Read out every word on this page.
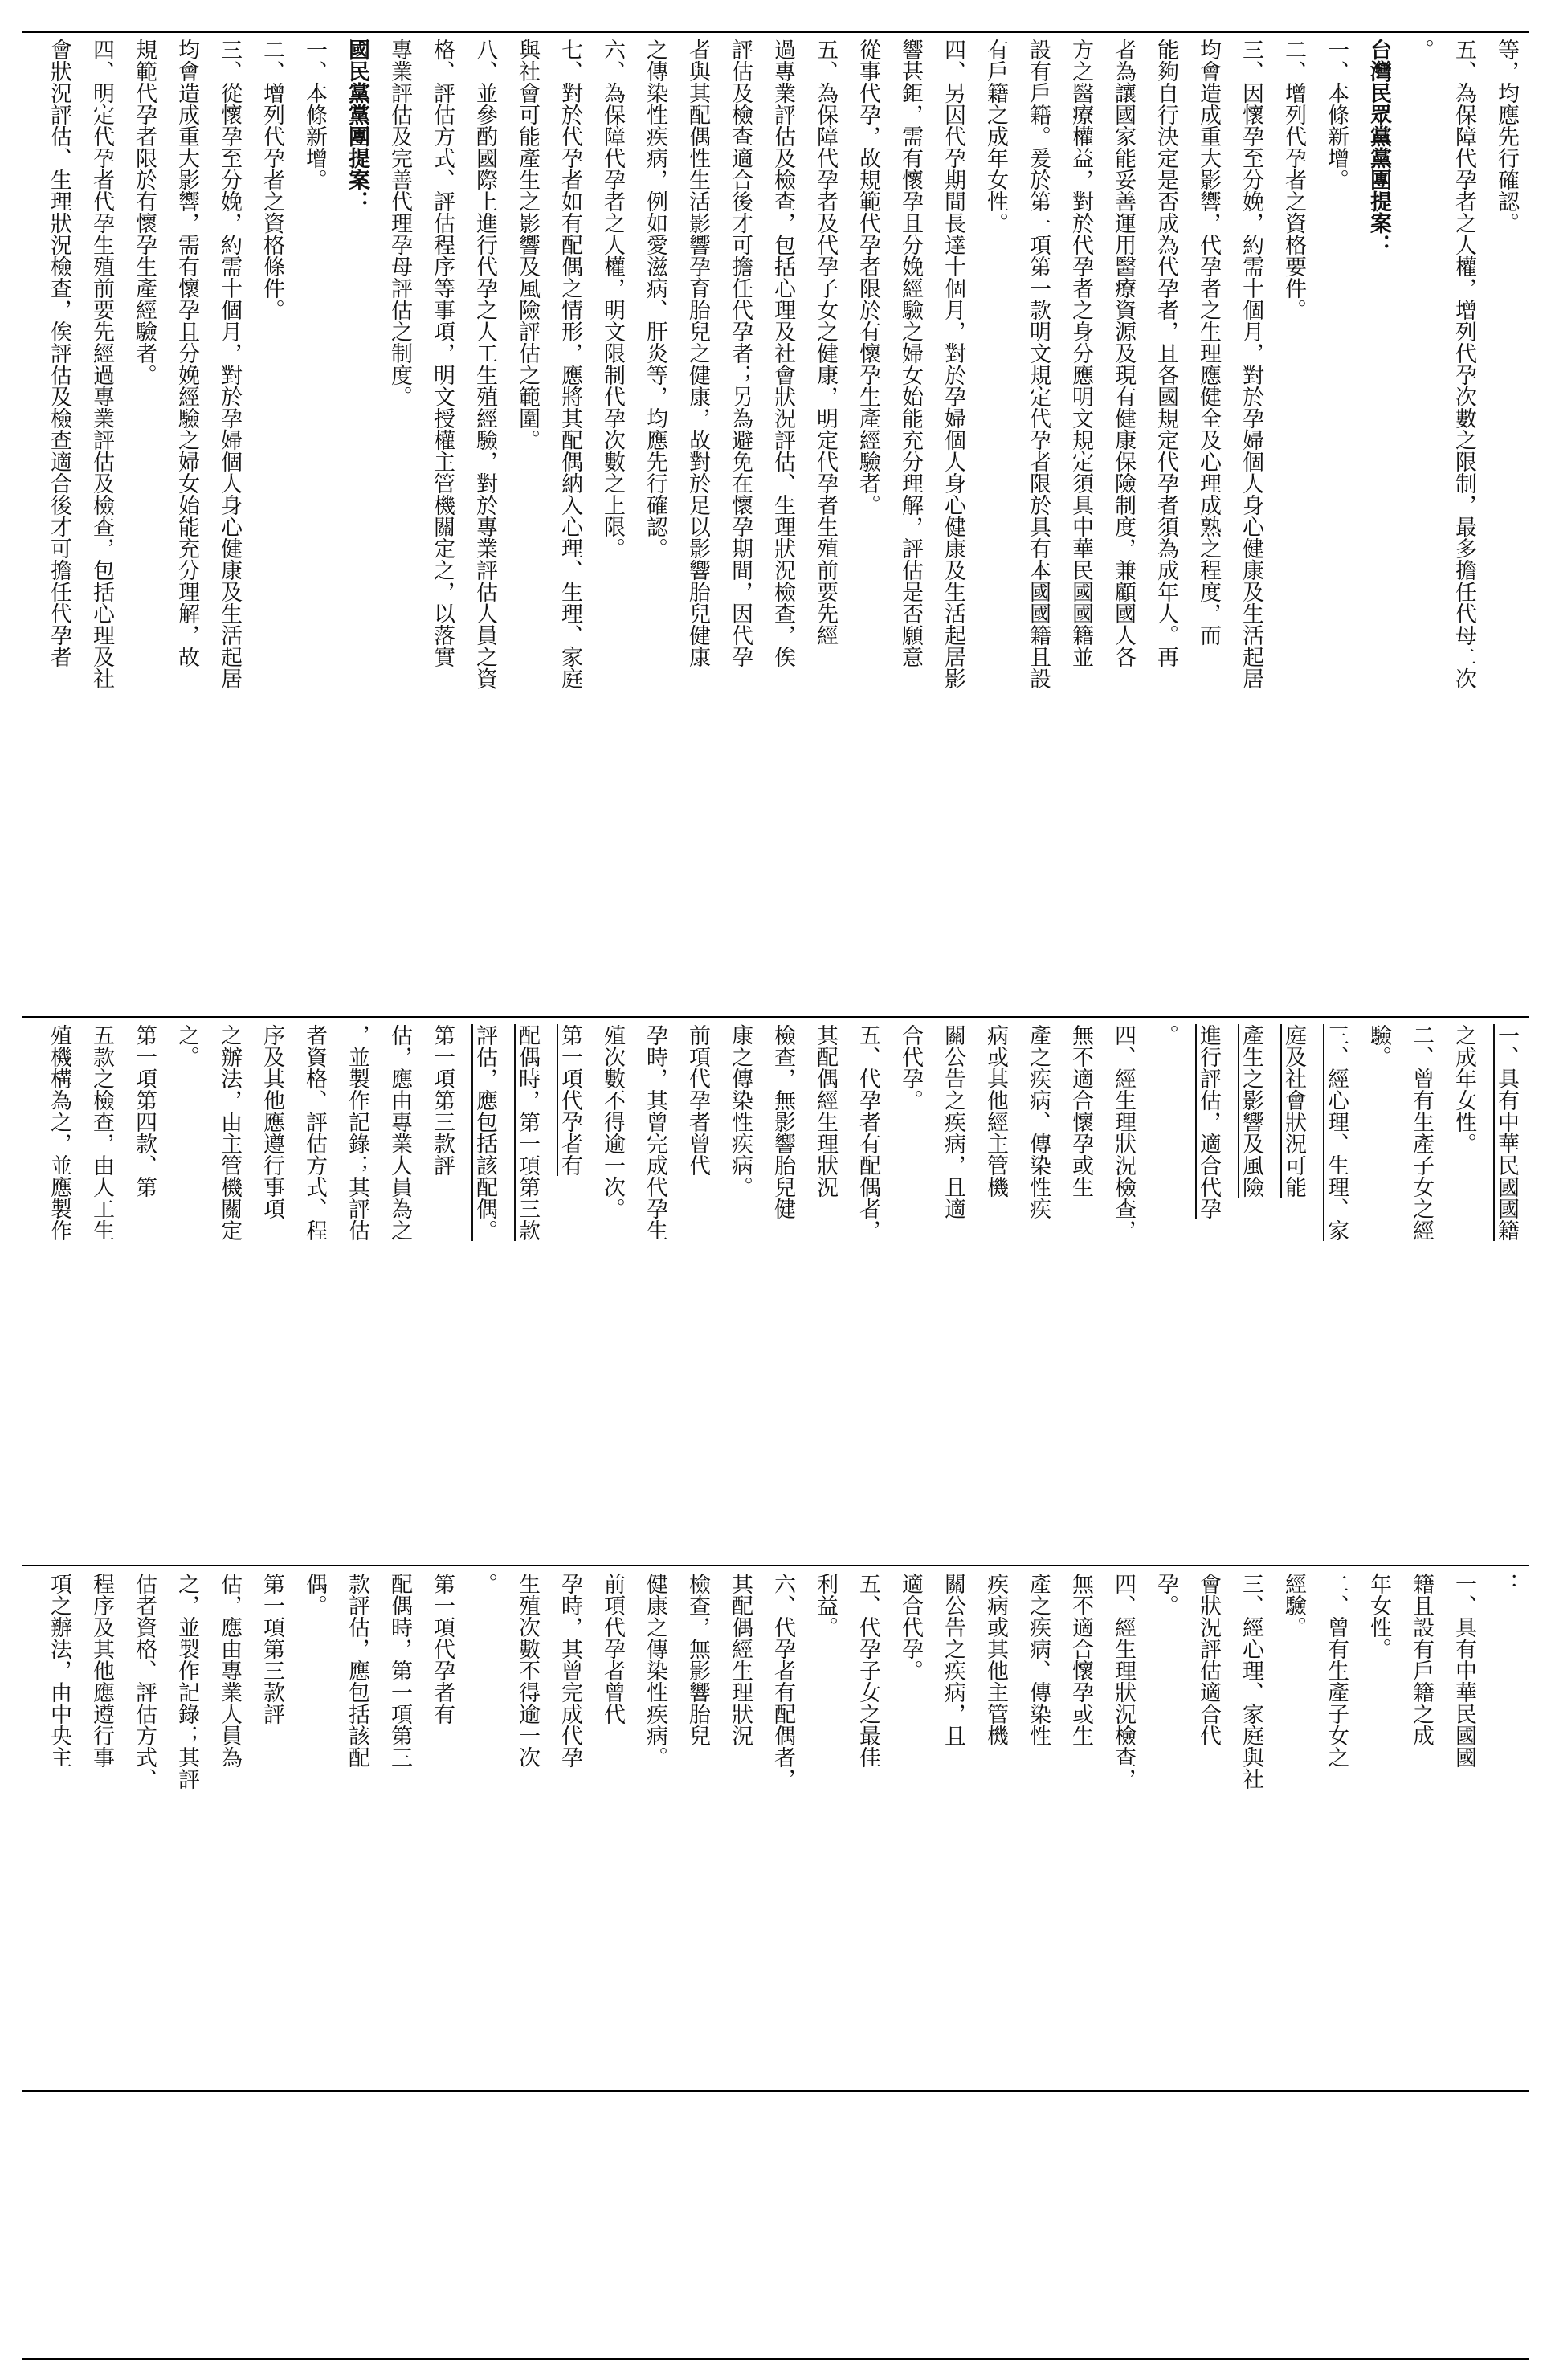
等，均應先行確認。
五、為保障代孕者之人權，增列代孕次數之限制，最多擔任代母二次
。
台灣民眾黨黨團提案：
一、本條新增。
二、增列代孕者之資格要件。
三、因懷孕至分娩，約需十個月，對於孕婦個人身心健康及生活起居
均會造成重大影響，代孕者之生理應健全及心理成熟之程度，而
能夠自行決定是否成為代孕者，且各國規定代孕者須為成年人。再
者為讓國家能妥善運用醫療資源及現有健康保險制度，兼顧國人各
方之醫療權益，對於代孕者之身分應明文規定須具中華民國國籍並
設有戶籍。爰於第一項第一款明文規定代孕者限於具有本國國籍且設
有戶籍之成年女性。
四、另因代孕期間長達十個月，對於孕婦個人身心健康及生活起居影
響甚鉅，需有懷孕且分娩經驗之婦女始能充分理解，評估是否願意
從事代孕，故規範代孕者限於有懷孕生產經驗者。
五、為保障代孕者及代孕子女之健康，明定代孕者生殖前要先經
過專業評估及檢查，包括心理及社會狀況評估、生理狀況檢查，俟
評估及檢查適合後才可擔任代孕者；另為避免在懷孕期間，因代孕
者與其配偶性生活影響孕育胎兒之健康，故對於足以影響胎兒健康
之傳染性疾病，例如愛滋病、肝炎等，均應先行確認。
六、為保障代孕者之人權，明文限制代孕次數之上限。
七、對於代孕者如有配偶之情形，應將其配偶納入心理、生理、家庭
與社會可能產生之影響及風險評估之範圍。
八、並參酌國際上進行代孕之人工生殖經驗，對於專業評估人員之資
格、評估方式、評估程序等事項，明文授權主管機關定之，以落實
專業評估及完善代理孕母評估之制度。
國民黨黨團提案：
一、本條新增。
二、增列代孕者之資格條件。
三、從懷孕至分娩，約需十個月，對於孕婦個人身心健康及生活起居
均會造成重大影響，需有懷孕且分娩經驗之婦女始能充分理解，故
規範代孕者限於有懷孕生產經驗者。
四、明定代孕者代孕生殖前要先經過專業評估及檢查，包括心理及社
會狀況評估、生理狀況檢查，俟評估及檢查適合後才可擔任代孕者
一、具有中華民國國籍
之成年女性。
二、曾有生產子女之經
驗。
三、經心理、生理、家
庭及社會狀況可能
產生之影響及風險
進行評估，適合代孕
。
四、經生理狀況檢查，
無不適合懷孕或生
產之疾病、傳染性疾
病或其他經主管機
關公告之疾病，且適
合代孕。
五、代孕者有配偶者，
其配偶經生理狀況
檢查，無影響胎兒健
康之傳染性疾病。
前項代孕者曾代
孕時，其曾完成代孕生
殖次數不得逾一次。
第一項代孕者有
配偶時，第一項第三款
評估，應包括該配偶。
第一項第三款評
估，應由專業人員為之
，並製作記錄；其評估
者資格、評估方式、程
序及其他應遵行事項
之辦法，由主管機關定
之。
第一項第四款、第
五款之檢查，由人工生
殖機構為之，並應製作
：
一、具有中華民國國
籍且設有戶籍之成
年女性。
二、曾有生產子女之
經驗。
三、經心理、家庭與社
會狀況評估適合代
孕。
四、經生理狀況檢查，
無不適合懷孕或生
產之疾病、傳染性
疾病或其他主管機
關公告之疾病，且
適合代孕。
五、代孕子女之最佳
利益。
六、代孕者有配偶者，
其配偶經生理狀況
檢查，無影響胎兒
健康之傳染性疾病。
前項代孕者曾代
孕時，其曾完成代孕
生殖次數不得逾一次
。
第一項代孕者有
配偶時，第一項第三
款評估，應包括該配
偶。
第一項第三款評
估，應由專業人員為
之，並製作記錄；其評
估者資格、評估方式、
程序及其他應遵行事
項之辦法，由中央主
